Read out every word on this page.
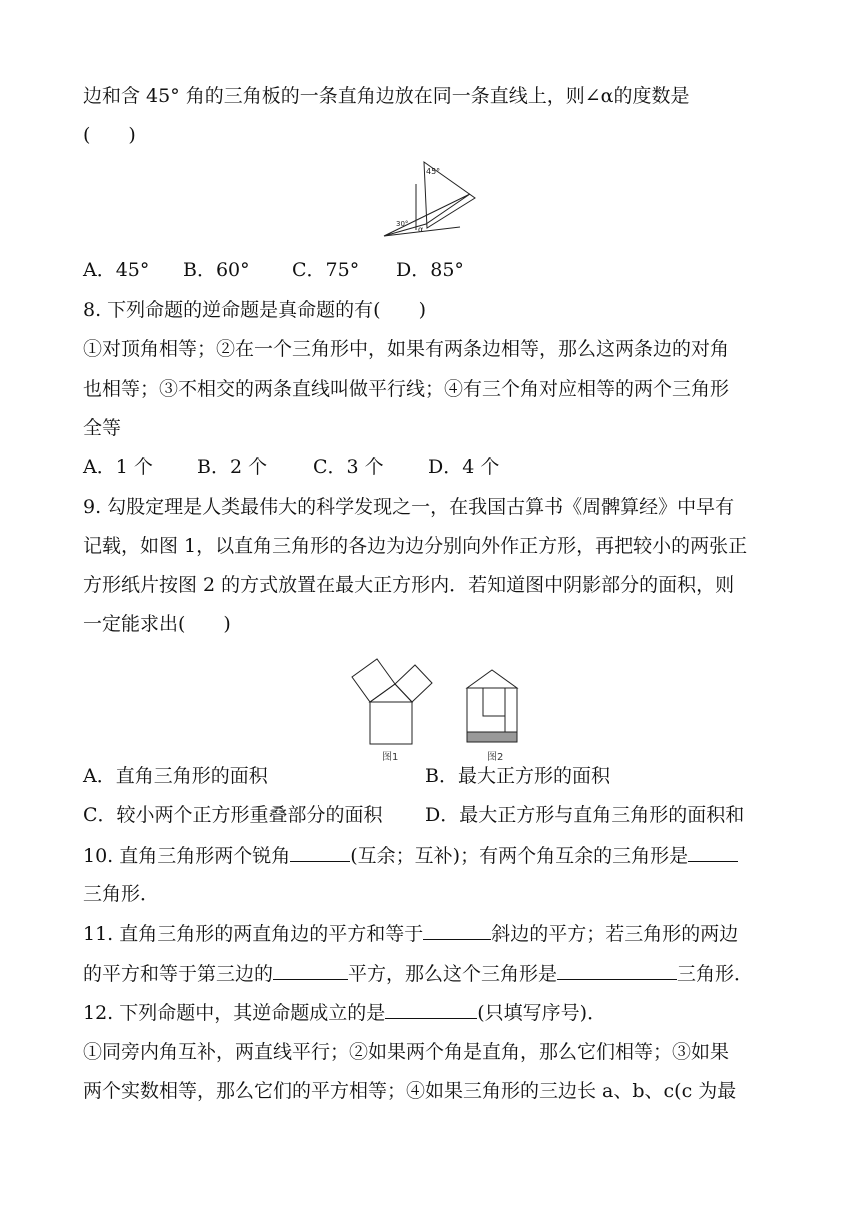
边和含 45° 角的三角板的一条直角边放在同一条直线上，则∠α的度数是
(　　)
45°
30°
α
A．45° B．60° C．75° D．85°
8. 下列命题的逆命题是真命题的有(　　)
①对顶角相等；②在一个三角形中，如果有两条边相等，那么这两条边的对角
也相等；③不相交的两条直线叫做平行线；④有三个角对应相等的两个三角形
全等
A．1 个 B．2 个 C．3 个 D．4 个
9. 勾股定理是人类最伟大的科学发现之一，在我国古算书《周髀算经》中早有
记载，如图 1，以直角三角形的各边为边分别向外作正方形，再把较小的两张正
方形纸片按图 2 的方式放置在最大正方形内．若知道图中阴影部分的面积，则
一定能求出(　　)
图1	图2
A．直角三角形的面积	B．最大正方形的面积
C．较小两个正方形重叠部分的面积 D．最大正方形与直角三角形的面积和
10. 直角三角形两个锐角	(互余；互补)；有两个角互余的三角形是
三角形．
11. 直角三角形的两直角边的平方和等于	斜边的平方；若三角形的两边
的平方和等于第三边的	平方，那么这个三角形是	三角形．
12. 下列命题中，其逆命题成立的是	(只填写序号)．
①同旁内角互补，两直线平行；②如果两个角是直角，那么它们相等；③如果
两个实数相等，那么它们的平方相等；④如果三角形的三边长 a、b、c(c 为最
